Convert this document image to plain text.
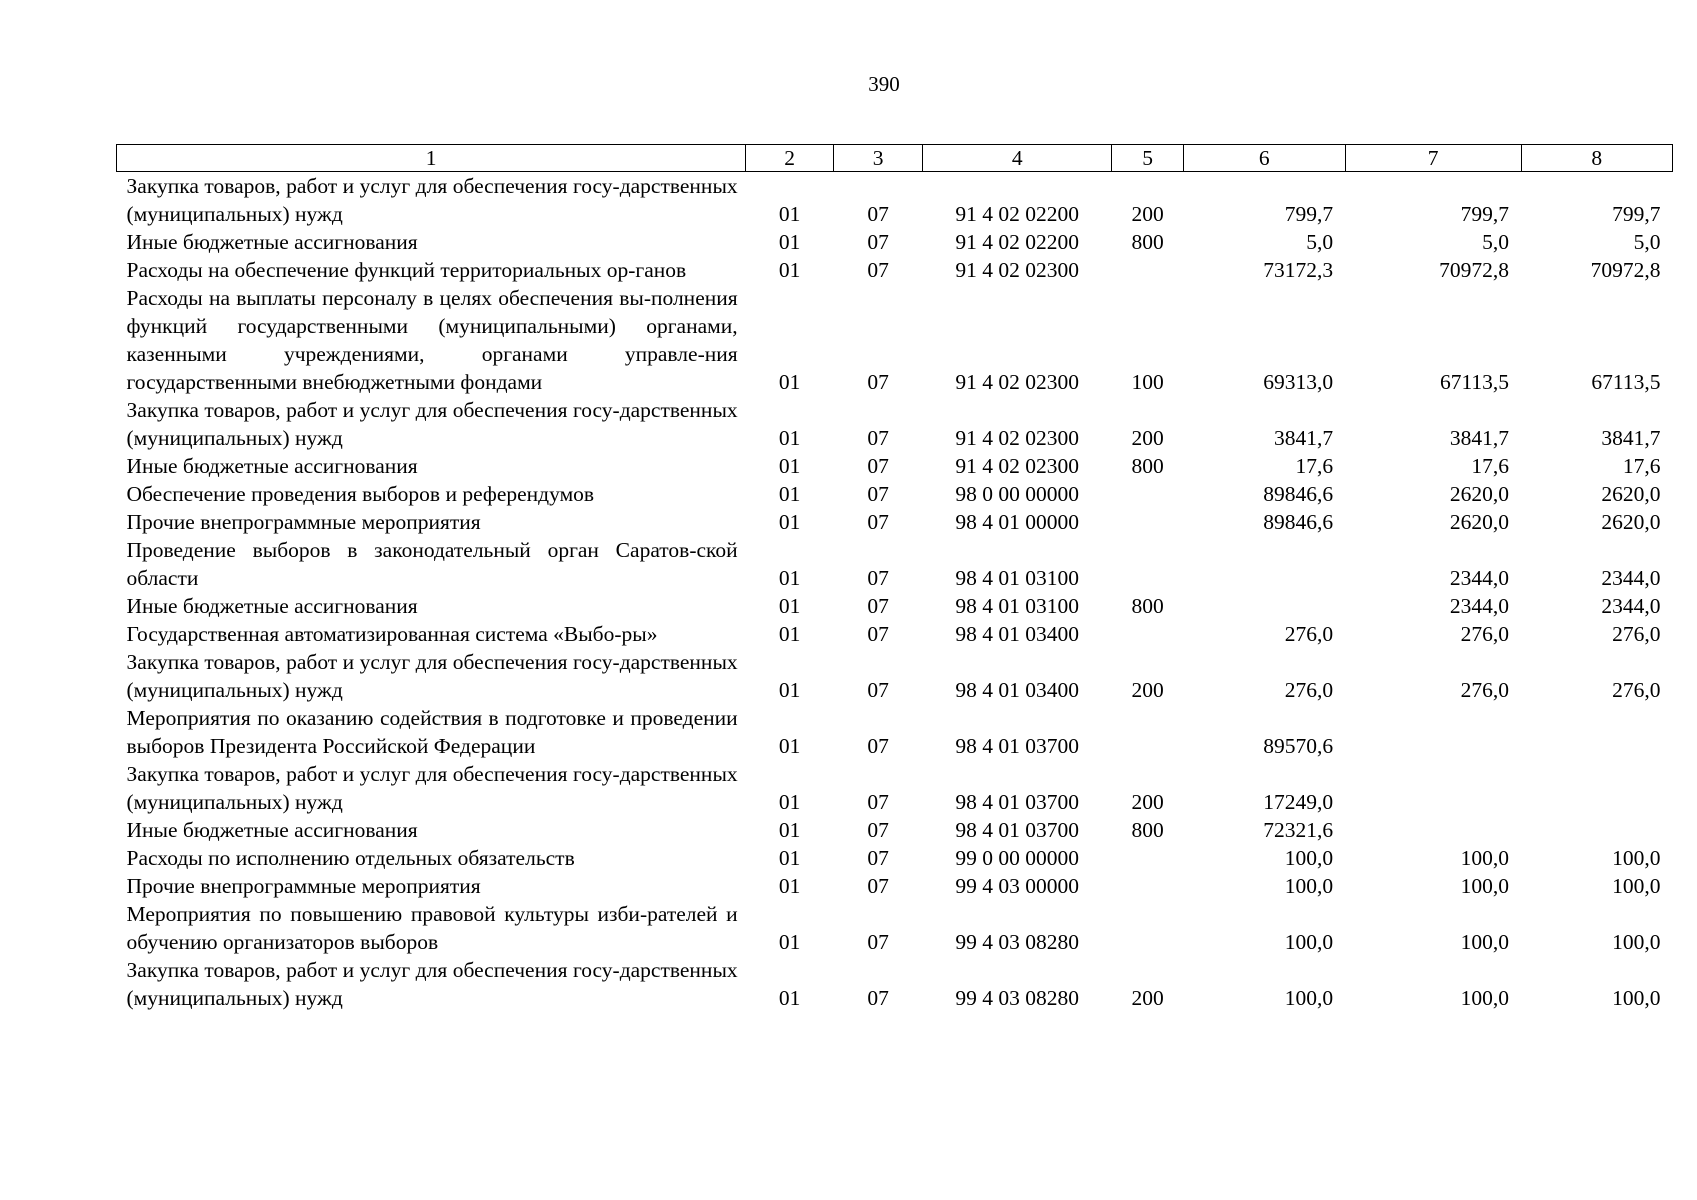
390
1	2	3	4	5	6	7	8
Закупка товаров, работ и услуг для обеспечения госу-дарственных (муниципальных) нужд	01	07	91 4 02 02200	200	799,7	799,7	799,7
Иные бюджетные ассигнования	01	07	91 4 02 02200	800	5,0	5,0	5,0
Расходы на обеспечение функций территориальных ор-ганов	01	07	91 4 02 02300		73172,3	70972,8	70972,8
Расходы на выплаты персоналу в целях обеспечения вы-полнения функций государственными (муниципальными) органами, казенными учреждениями, органами управле-ния государственными внебюджетными фондами	01	07	91 4 02 02300	100	69313,0	67113,5	67113,5
Закупка товаров, работ и услуг для обеспечения госу-дарственных (муниципальных) нужд	01	07	91 4 02 02300	200	3841,7	3841,7	3841,7
Иные бюджетные ассигнования	01	07	91 4 02 02300	800	17,6	17,6	17,6
Обеспечение проведения выборов и референдумов	01	07	98 0 00 00000		89846,6	2620,0	2620,0
Прочие внепрограммные мероприятия	01	07	98 4 01 00000		89846,6	2620,0	2620,0
Проведение выборов в законодательный орган Саратов-ской области	01	07	98 4 01 03100			2344,0	2344,0
Иные бюджетные ассигнования	01	07	98 4 01 03100	800		2344,0	2344,0
Государственная автоматизированная система «Выбо-ры»	01	07	98 4 01 03400		276,0	276,0	276,0
Закупка товаров, работ и услуг для обеспечения госу-дарственных (муниципальных) нужд	01	07	98 4 01 03400	200	276,0	276,0	276,0
Мероприятия по оказанию содействия в подготовке и проведении выборов Президента Российской Федерации	01	07	98 4 01 03700		89570,6		
Закупка товаров, работ и услуг для обеспечения госу-дарственных (муниципальных) нужд	01	07	98 4 01 03700	200	17249,0		
Иные бюджетные ассигнования	01	07	98 4 01 03700	800	72321,6		
Расходы по исполнению отдельных обязательств	01	07	99 0 00 00000		100,0	100,0	100,0
Прочие внепрограммные мероприятия	01	07	99 4 03 00000		100,0	100,0	100,0
Мероприятия по повышению правовой культуры изби-рателей и обучению организаторов выборов	01	07	99 4 03 08280		100,0	100,0	100,0
Закупка товаров, работ и услуг для обеспечения госу-дарственных (муниципальных) нужд	01	07	99 4 03 08280	200	100,0	100,0	100,0
